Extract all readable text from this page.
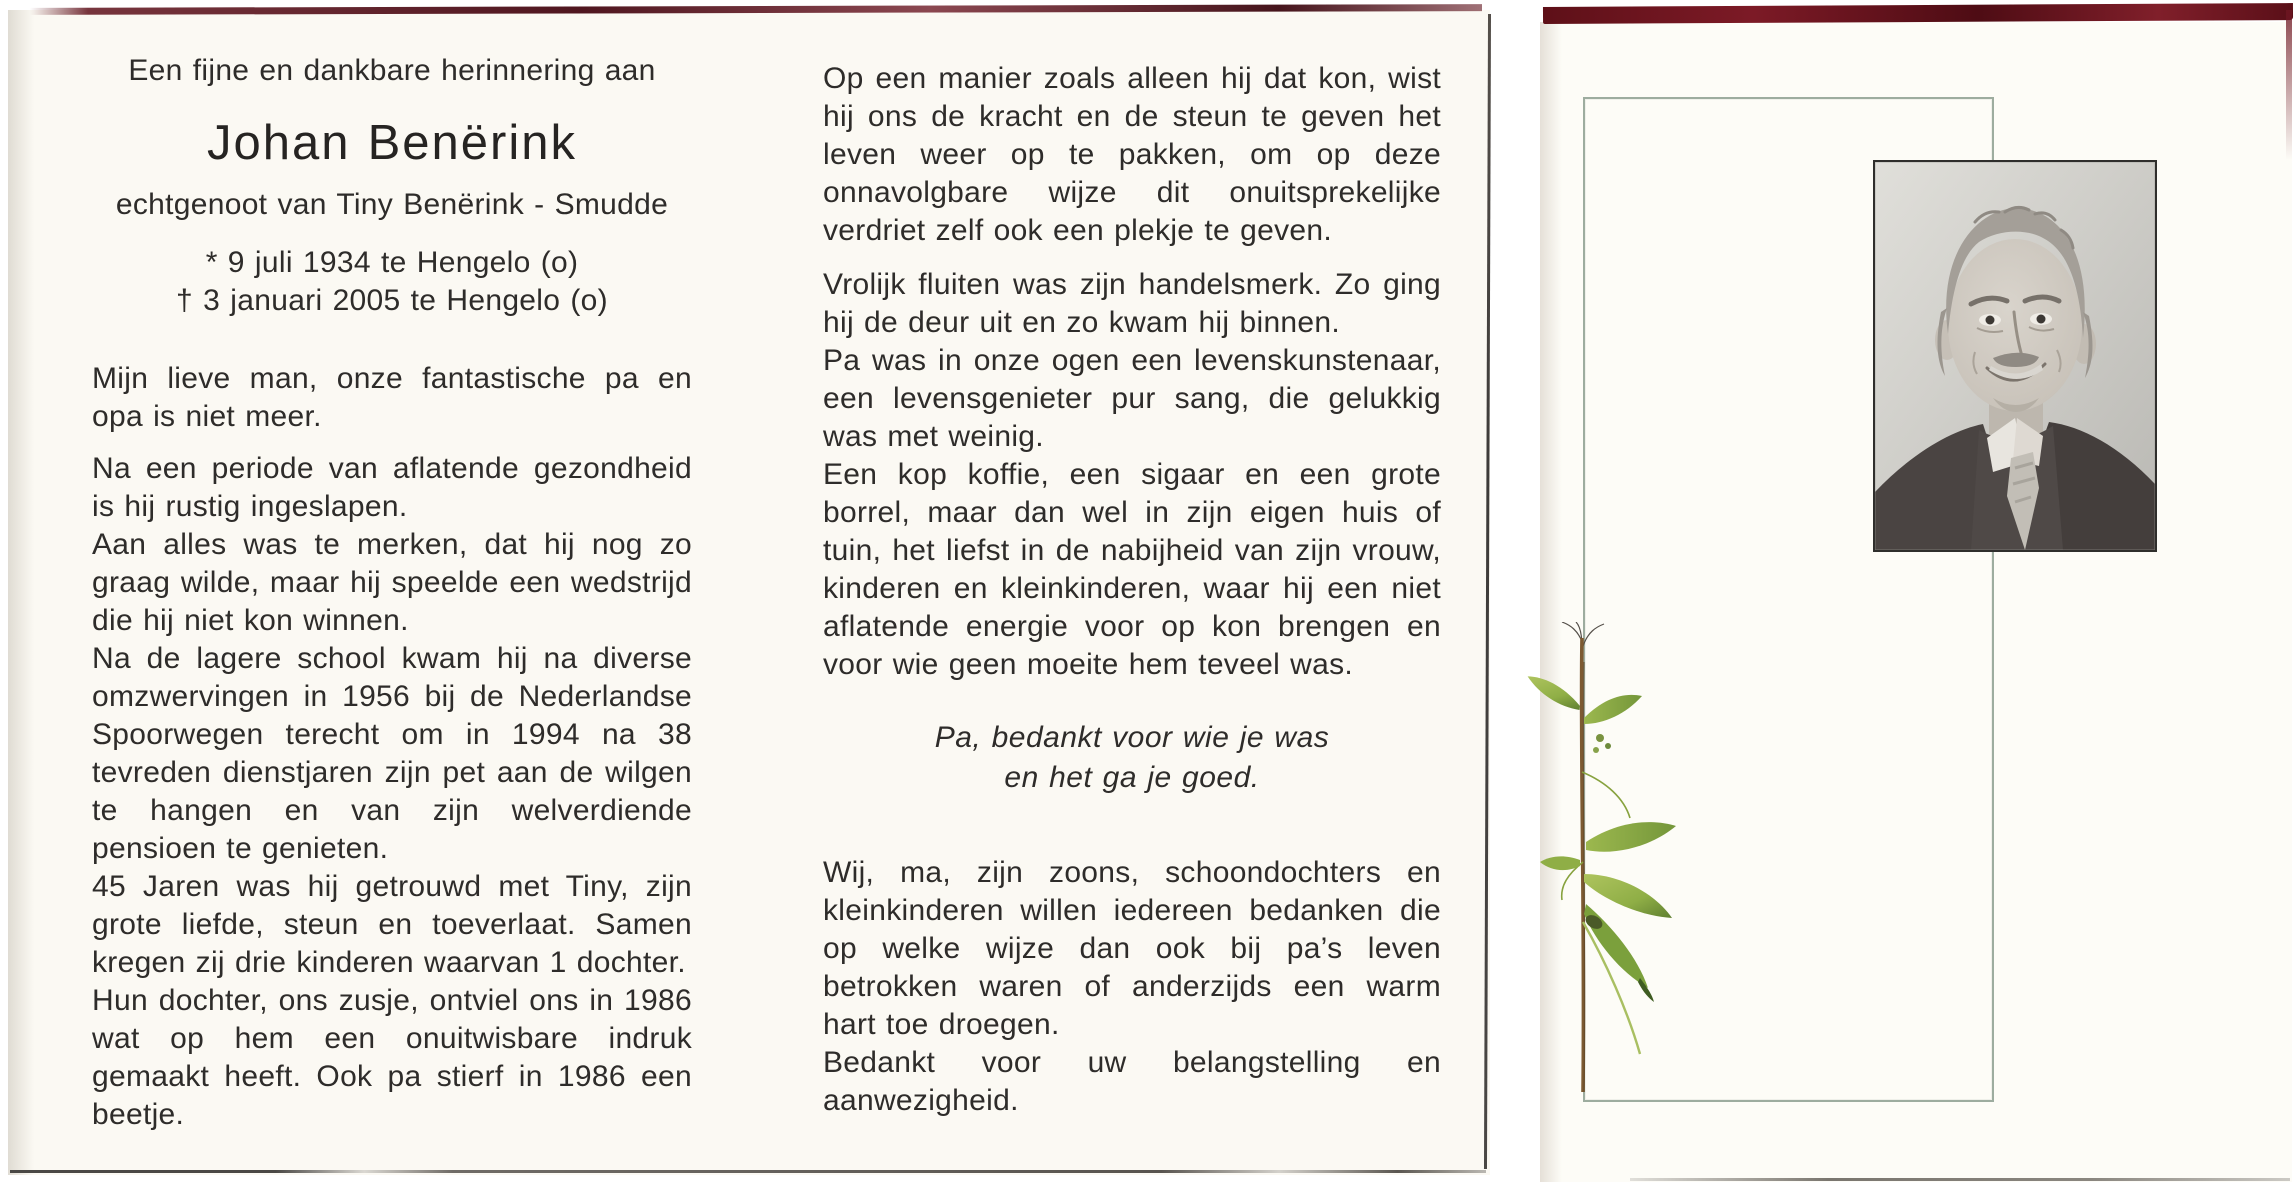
Een fijne en dankbare herinnering aan

Johan Benërink

echtgenoot van Tiny Benërink - Smudde

* 9 juli 1934 te Hengelo (o)
† 3 januari 2005 te Hengelo (o)

Mijn lieve man, onze fantastische pa en opa is niet meer.

Na een periode van aflatende gezondheid is hij rustig ingeslapen.

Aan alles was te merken, dat hij nog zo graag wilde, maar hij speelde een wedstrijd die hij niet kon winnen.

Na de lagere school kwam hij na diverse omzwervingen in 1956 bij de Nederlandse Spoorwegen terecht om in 1994 na 38 tevreden dienstjaren zijn pet aan de wilgen te hangen en van zijn welverdiende pensioen te genieten.

45 Jaren was hij getrouwd met Tiny, zijn grote liefde, steun en toeverlaat. Samen kregen zij drie kinderen waarvan 1 dochter.

Hun dochter, ons zusje, ontviel ons in 1986 wat op hem een onuitwisbare indruk gemaakt heeft. Ook pa stierf in 1986 een beetje.

Op een manier zoals alleen hij dat kon, wist hij ons de kracht en de steun te geven het leven weer op te pakken, om op deze onnavolgbare wijze dit onuitsprekelijke verdriet zelf ook een plekje te geven.

Vrolijk fluiten was zijn handelsmerk. Zo ging hij de deur uit en zo kwam hij binnen.

Pa was in onze ogen een levenskunstenaar, een levensgenieter pur sang, die gelukkig was met weinig.

Een kop koffie, een sigaar en een grote borrel, maar dan wel in zijn eigen huis of tuin, het liefst in de nabijheid van zijn vrouw, kinderen en kleinkinderen, waar hij een niet aflatende energie voor op kon brengen en voor wie geen moeite hem teveel was.

Pa, bedankt voor wie je was
en het ga je goed.

Wij, ma, zijn zoons, schoondochters en kleinkinderen willen iedereen bedanken die op welke wijze dan ook bij pa’s leven betrokken waren of anderzijds een warm hart toe droegen.

Bedankt voor uw belangstelling en aanwezigheid.
